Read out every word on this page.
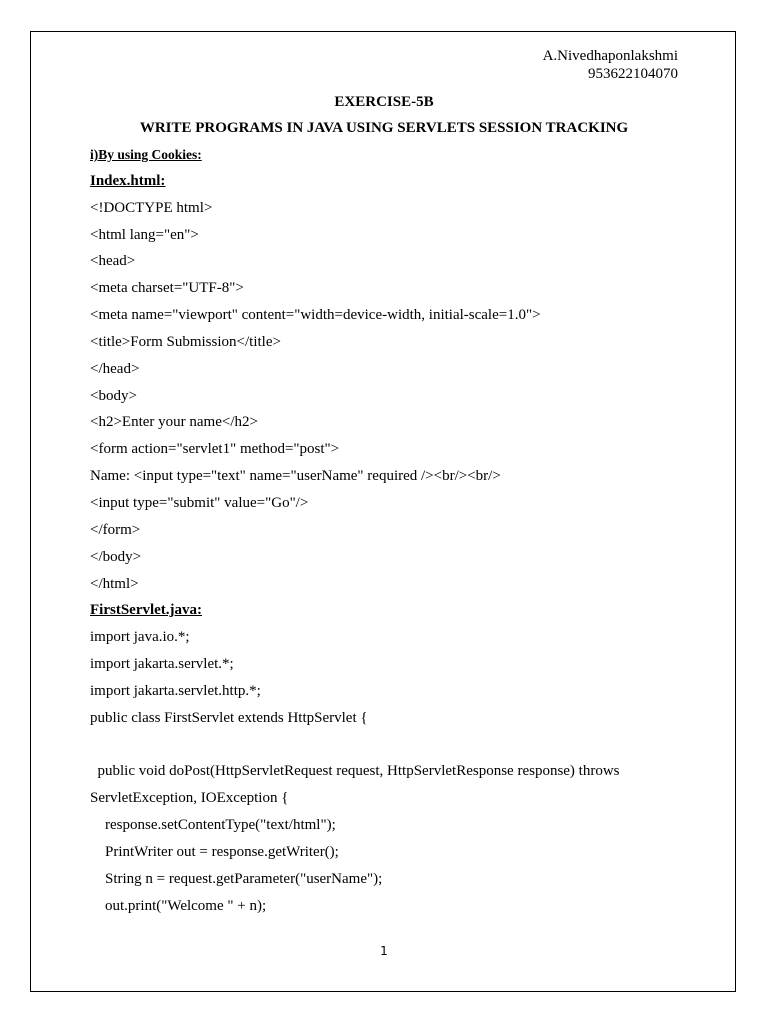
A.Nivedhaponlakshmi
953622104070
EXERCISE-5B
WRITE PROGRAMS IN JAVA USING SERVLETS SESSION TRACKING
i)By using Cookies:
Index.html:
<!DOCTYPE html>
<html lang="en">
<head>
<meta charset="UTF-8">
<meta name="viewport" content="width=device-width, initial-scale=1.0">
<title>Form Submission</title>
</head>
<body>
<h2>Enter your name</h2>
<form action="servlet1" method="post">
Name: <input type="text" name="userName" required /><br/><br/>
<input type="submit" value="Go"/>
</form>
</body>
</html>
FirstServlet.java:
import java.io.*;
import jakarta.servlet.*;
import jakarta.servlet.http.*;
public class FirstServlet extends HttpServlet {
public void doPost(HttpServletRequest request, HttpServletResponse response) throws
ServletException, IOException {
response.setContentType("text/html");
PrintWriter out = response.getWriter();
String n = request.getParameter("userName");
out.print("Welcome " + n);
1
